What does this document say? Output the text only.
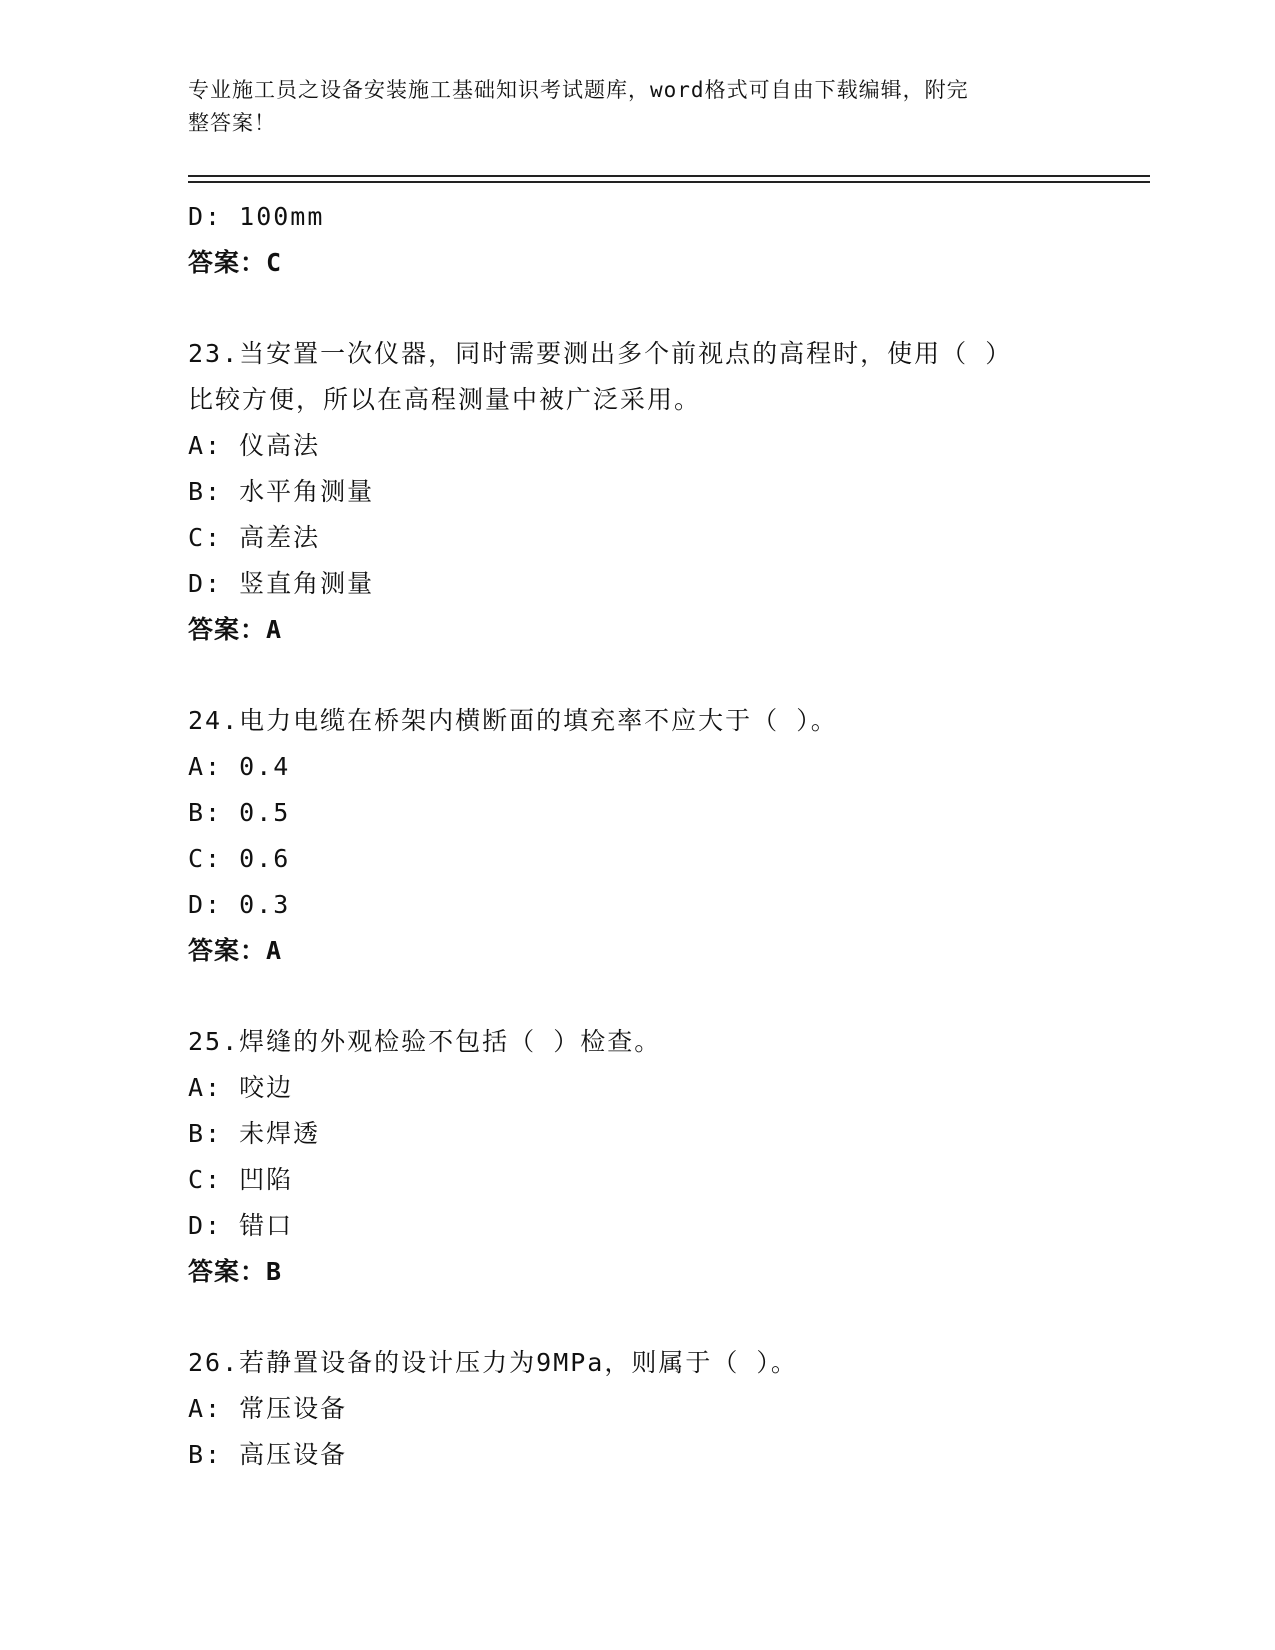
专业施工员之设备安装施工基础知识考试题库，word格式可自由下载编辑，附完
整答案！
D: 100mm
答案：C
23.当安置一次仪器，同时需要测出多个前视点的高程时，使用（ ）
比较方便，所以在高程测量中被广泛采用。
A: 仪高法
B: 水平角测量
C: 高差法
D: 竖直角测量
答案：A
24.电力电缆在桥架内横断面的填充率不应大于（ ）。
A: 0.4
B: 0.5
C: 0.6
D: 0.3
答案：A
25.焊缝的外观检验不包括（ ）检查。
A: 咬边
B: 未焊透
C: 凹陷
D: 错口
答案：B
26.若静置设备的设计压力为9MPa，则属于（ ）。
A: 常压设备
B: 高压设备
